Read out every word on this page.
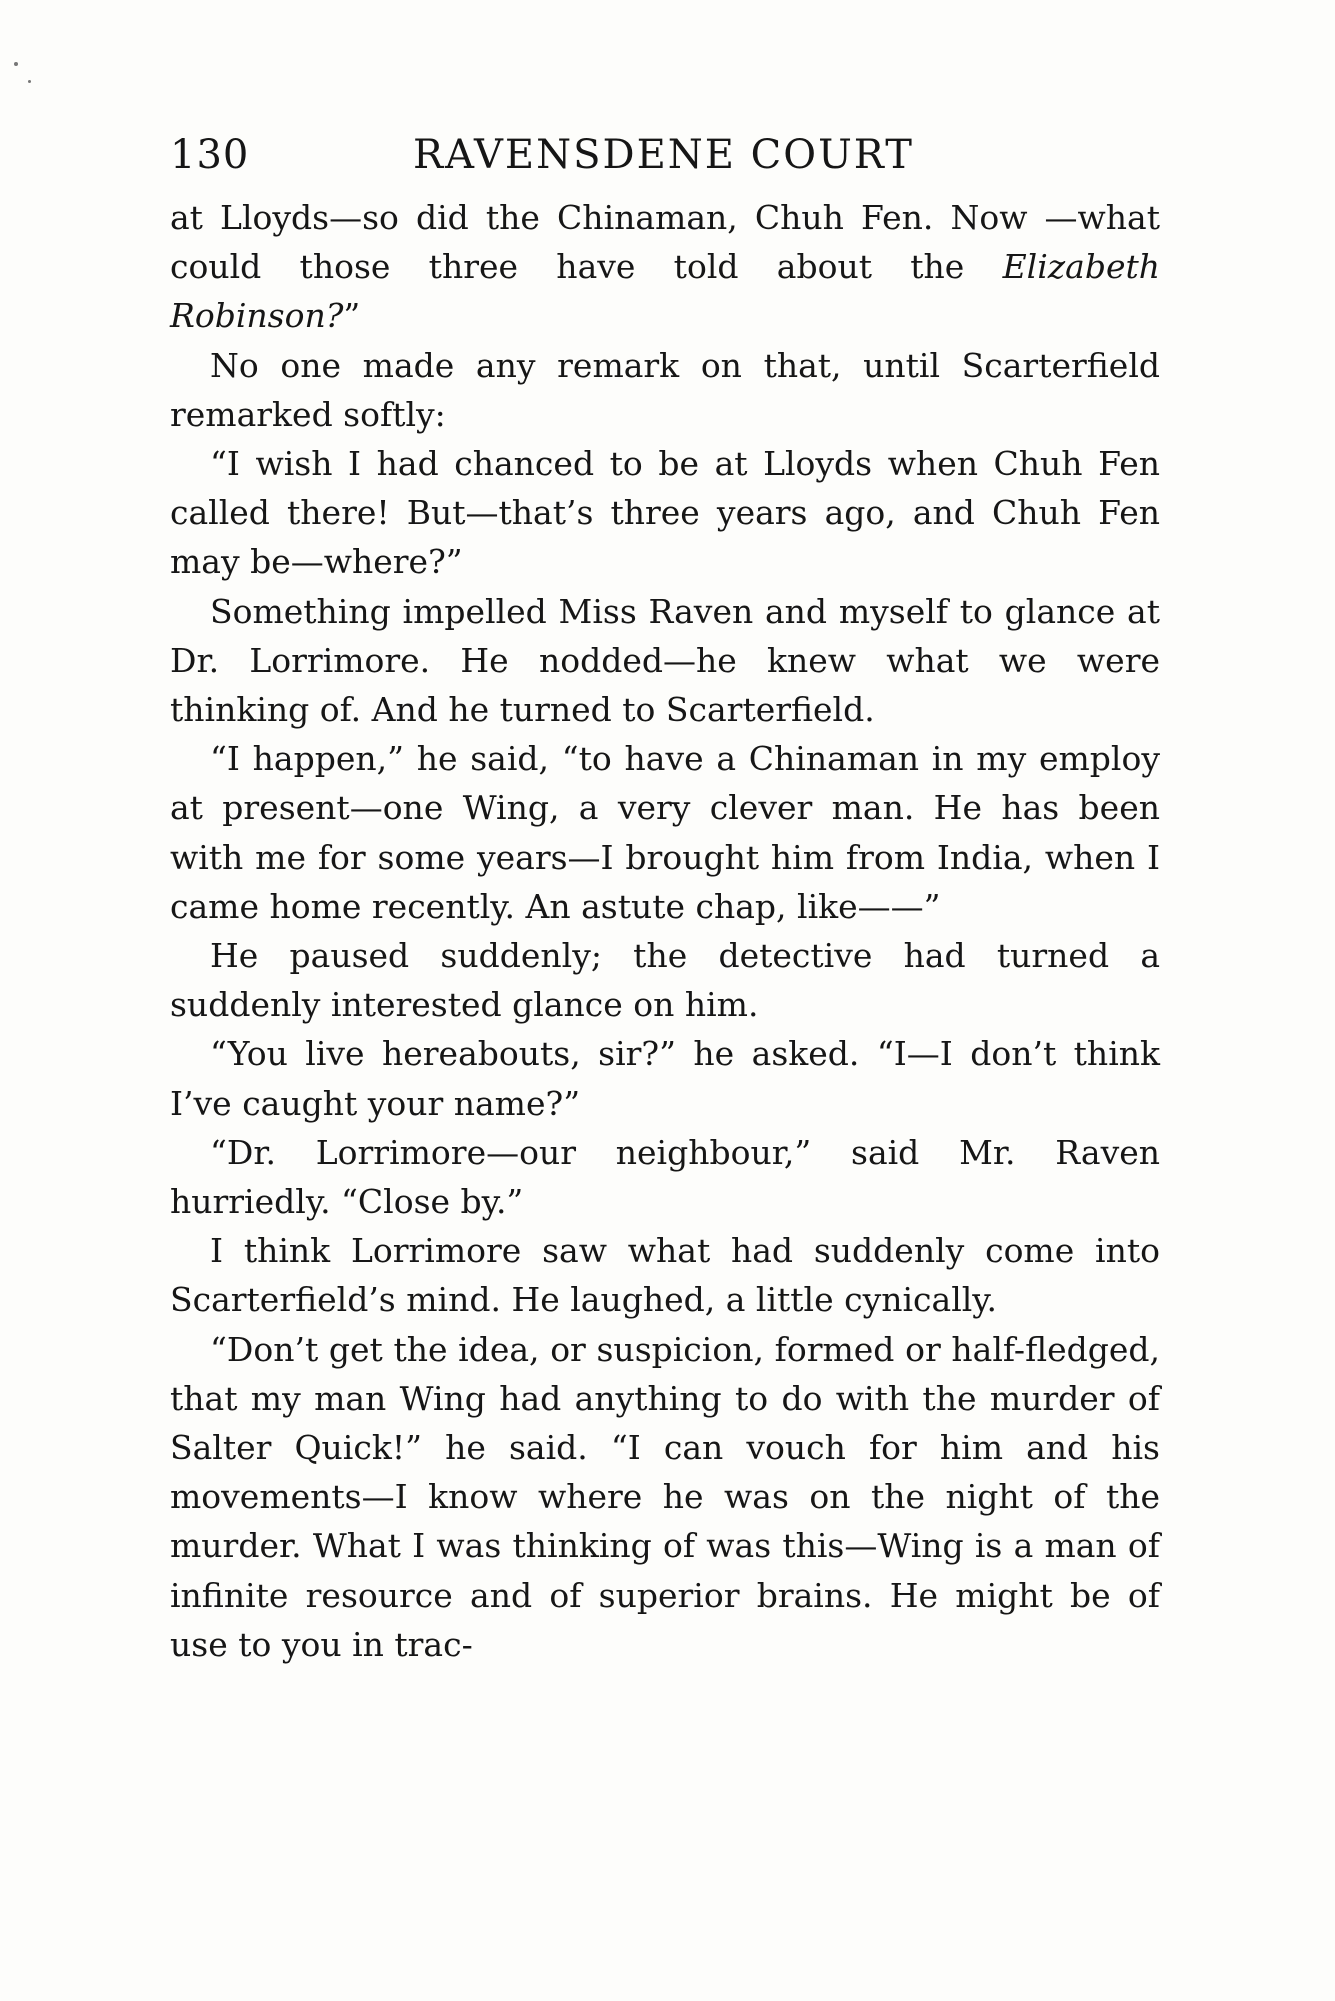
130	RAVENSDENE COURT

at Lloyds—so did the Chinaman, Chuh Fen. Now —what could those three have told about the Elizabeth Robinson?”

No one made any remark on that, until Scarterfield remarked softly:

“I wish I had chanced to be at Lloyds when Chuh Fen called there! But—that’s three years ago, and Chuh Fen may be—where?”

Something impelled Miss Raven and myself to glance at Dr. Lorrimore. He nodded—he knew what we were thinking of. And he turned to Scarterfield.

“I happen,” he said, “to have a Chinaman in my employ at present—one Wing, a very clever man. He has been with me for some years—I brought him from India, when I came home recently. An astute chap, like——”

He paused suddenly; the detective had turned a suddenly interested glance on him.

“You live hereabouts, sir?” he asked. “I—I don’t think I’ve caught your name?”

“Dr. Lorrimore—our neighbour,” said Mr. Raven hurriedly. “Close by.”

I think Lorrimore saw what had suddenly come into Scarterfield’s mind. He laughed, a little cynically.

“Don’t get the idea, or suspicion, formed or half-fledged, that my man Wing had anything to do with the murder of Salter Quick!” he said. “I can vouch for him and his movements—I know where he was on the night of the murder. What I was thinking of was this—Wing is a man of infinite resource and of superior brains. He might be of use to you in trac-
